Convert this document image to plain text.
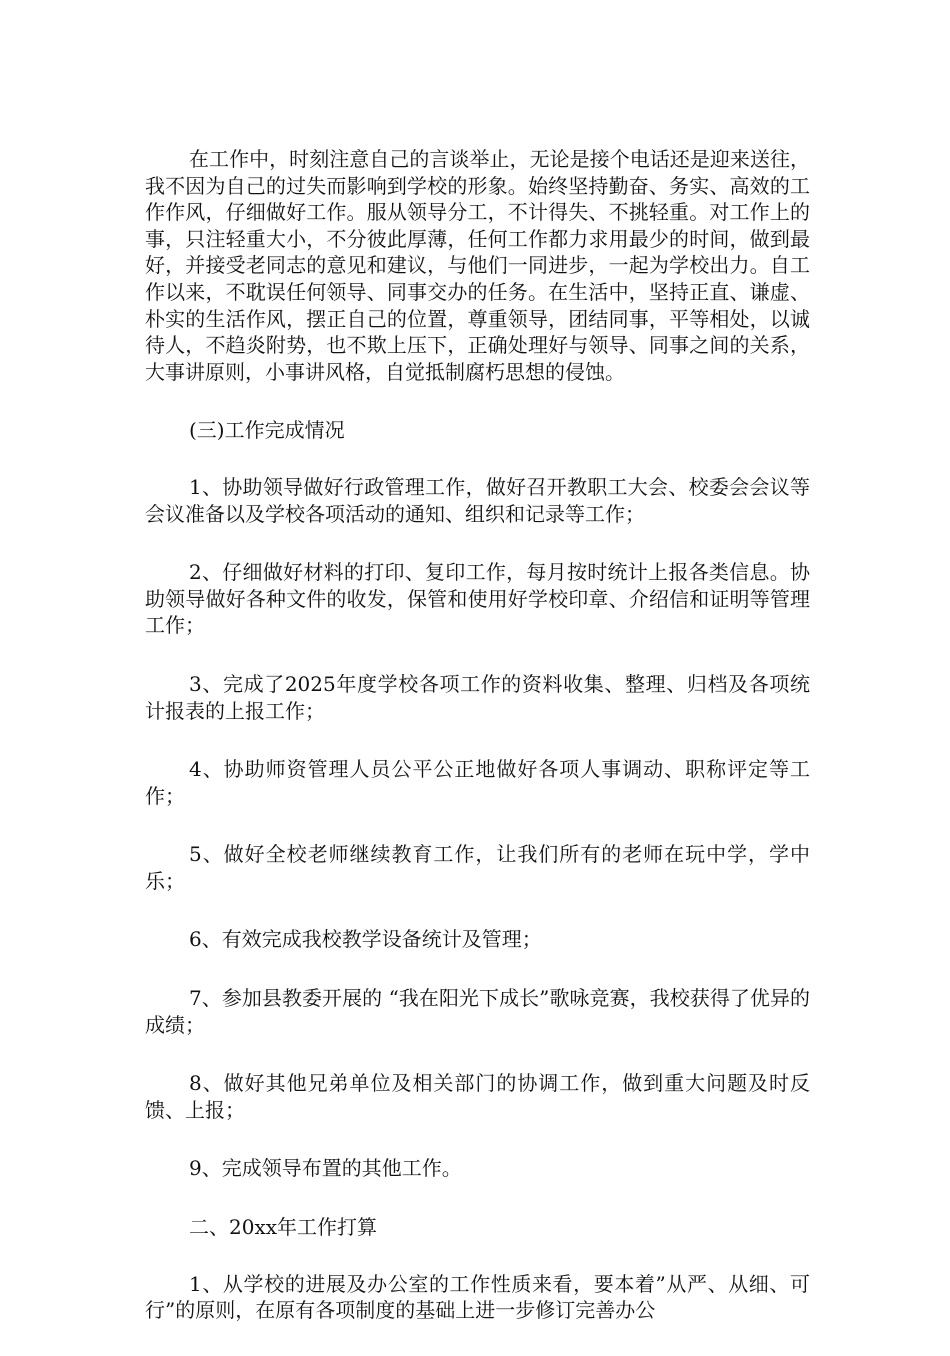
在工作中，时刻注意自己的言谈举止，无论是接个电话还是迎来送往，我不因为自己的过失而影响到学校的形象。始终坚持勤奋、务实、高效的工作作风，仔细做好工作。服从领导分工，不计得失、不挑轻重。对工作上的事，只注轻重大小，不分彼此厚薄，任何工作都力求用最少的时间，做到最好，并接受老同志的意见和建议，与他们一同进步，一起为学校出力。自工作以来，不耽误任何领导、同事交办的任务。在生活中，坚持正直、谦虚、朴实的生活作风，摆正自己的位置，尊重领导，团结同事，平等相处，以诚待人，不趋炎附势，也不欺上压下，正确处理好与领导、同事之间的关系，大事讲原则，小事讲风格，自觉抵制腐朽思想的侵蚀。

(三)工作完成情况

1、协助领导做好行政管理工作，做好召开教职工大会、校委会会议等会议准备以及学校各项活动的通知、组织和记录等工作；

2、仔细做好材料的打印、复印工作，每月按时统计上报各类信息。协助领导做好各种文件的收发，保管和使用好学校印章、介绍信和证明等管理工作；

3、完成了2025年度学校各项工作的资料收集、整理、归档及各项统计报表的上报工作；

4、协助师资管理人员公平公正地做好各项人事调动、职称评定等工作；

5、做好全校老师继续教育工作，让我们所有的老师在玩中学，学中乐；

6、有效完成我校教学设备统计及管理；

7、参加县教委开展的 “我在阳光下成长”歌咏竞赛，我校获得了优异的成绩；

8、做好其他兄弟单位及相关部门的协调工作，做到重大问题及时反馈、上报；

9、完成领导布置的其他工作。

二、20xx年工作打算

1、从学校的进展及办公室的工作性质来看，要本着”从严、从细、可行”的原则，在原有各项制度的基础上进一步修订完善办公
